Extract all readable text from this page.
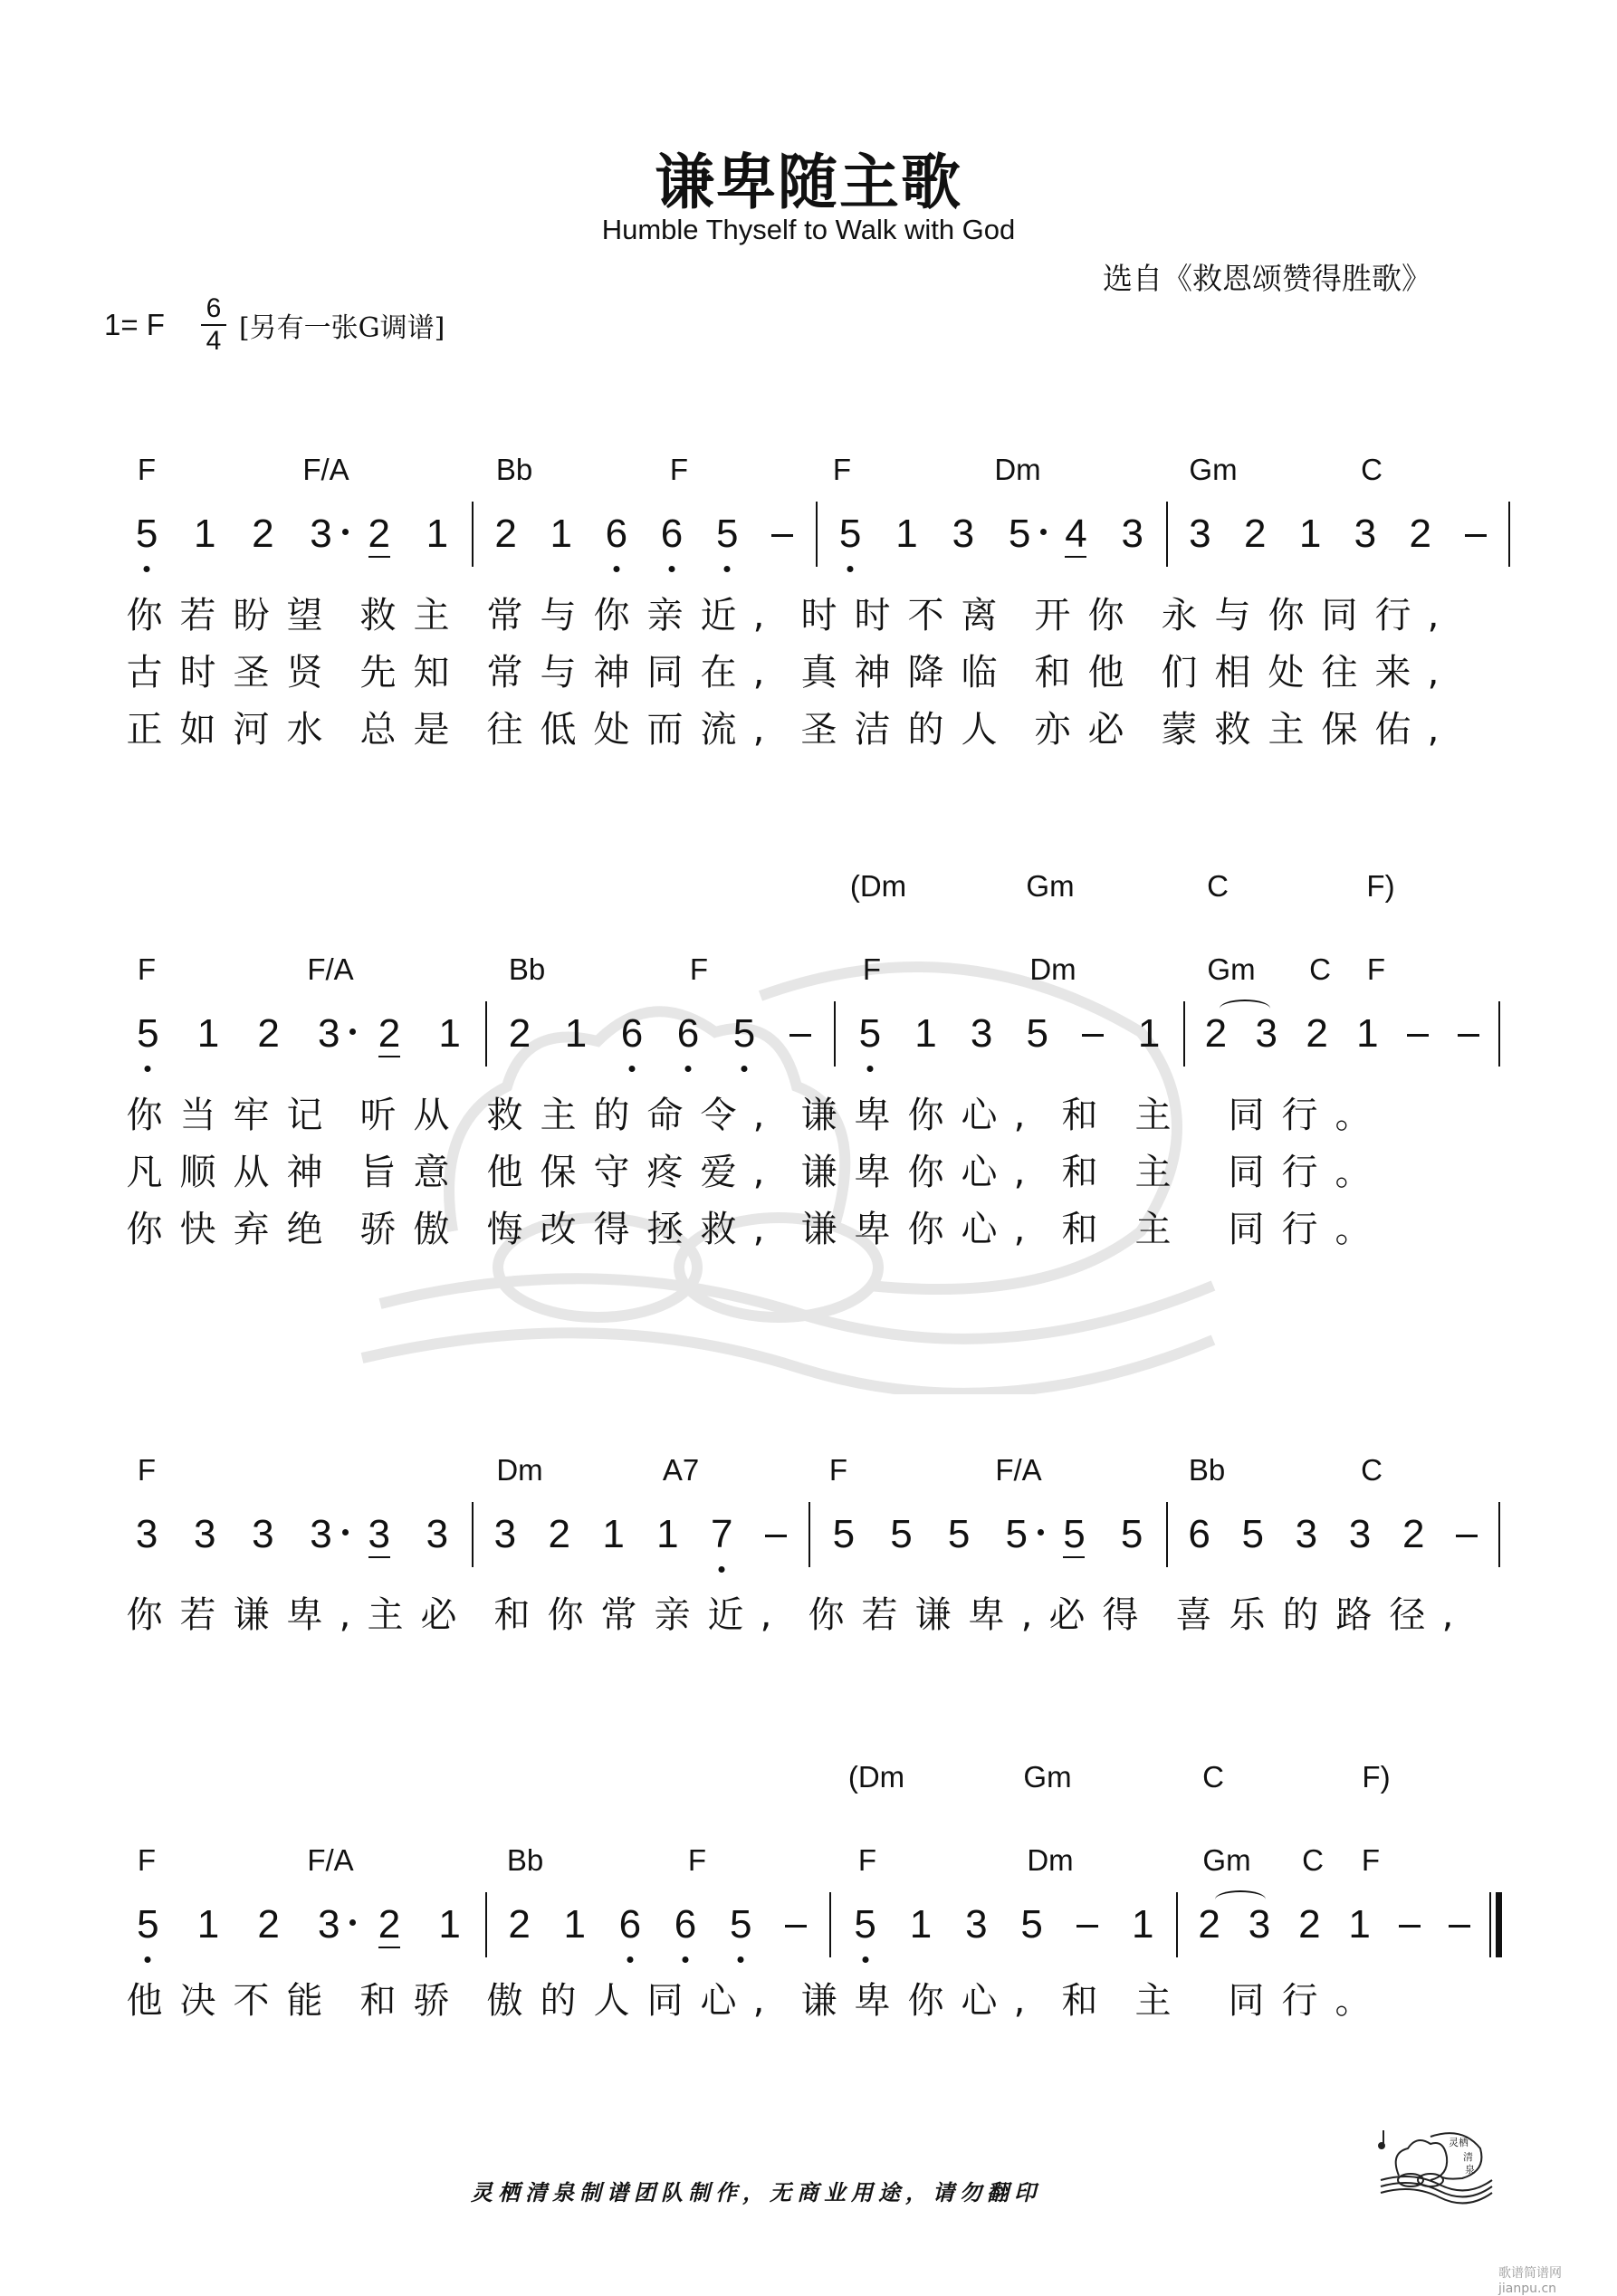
谦卑随主歌
Humble Thyself to Walk with God
选自《救恩颂赞得胜歌》
1= F $\frac{6}{4}$ [另有一张G调谱]
F	F/A	Bb	F	F	Dm	Gm	C
5 1 2 3 2 1 2 1 6 6 5	5 1 3 5 4 3 3 2 1 3 2
你 若 盼 望 救 主 常 与 你 亲 近 , 时 时 不 离 开 你 永 与 你 同 行 ,
古 时 圣 贤 先 知 常 与 神 同 在 , 真 神 降 临 和 他 们 相 处 往 来 ,
正 如 河 水 总 是 往 低 处 而 流 , 圣 洁 的 人 亦 必 蒙 救 主 保 佑 ,
(Dm	Gm	C	F)
F	F/A	Bb	F	F	Dm	Gm C F
5 1 2 3 2 1 2 1 6 6 5	5 1 3 5 1 2 3 2 1
你 当 牢 记 听 从 救 主 的 命 令 , 谦 卑 你 心 , 和 主 同 行 。
凡 顺 从 神 旨 意 他 保 守 疼 爱 , 谦 卑 你 心 , 和 主 同 行 。
你 快 弃 绝 骄 傲 悔 改 得 拯 救 , 谦 卑 你 心 , 和 主 同 行 。
F	Dm	A7	F	F/A	Bb	C
3 3 3 3 3 3 3 2 1 1 7	5 5 5 5 5 5 6 5 3 3 2
你 若 谦 卑 , 主 必 和 你 常 亲 近 , 你 若 谦 卑 , 必 得 喜 乐 的 路 径 ,
(Dm	Gm	C	F)
F	F/A	Bb	F	F	Dm	Gm C F
5 1 2 3 2 1 2 1 6 6 5	5 1 3 5 1 2 3 2 1
他 决 不 能 和 骄 傲 的 人 同 心 , 谦 卑 你 心 , 和 主 同 行 。
灵栖清泉制谱团队制作，无商业用途，请勿翻印
灵栖
清
泉
歌谱简谱网 jianpu.cn
